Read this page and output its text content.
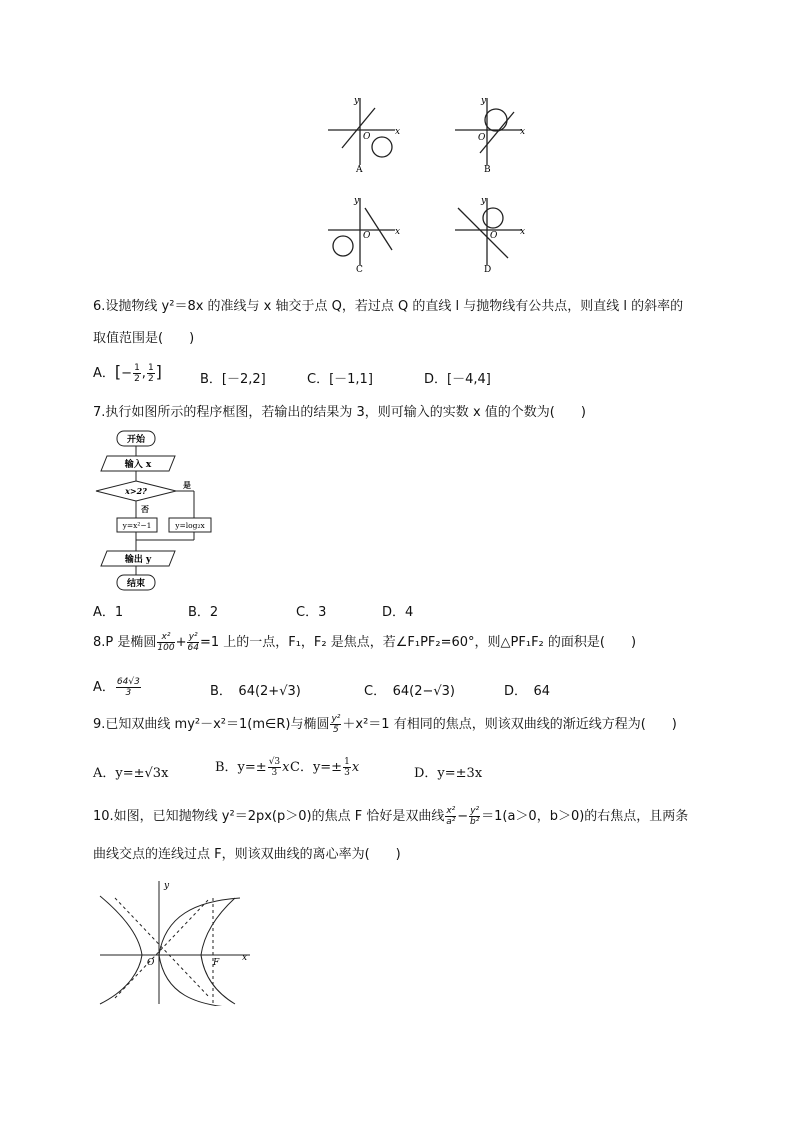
y
x
O
A
y
x
O
B
y
x
O
C
y
x
O
D
6.设抛物线 y²＝8x 的准线与 x 轴交于点 Q，若过点 Q 的直线 l 与抛物线有公共点，则直线 l 的斜率的
取值范围是(　　)
A．[− $\frac{1}{2}$ , $\frac{1}{2}$ ]	B．[－2,2]	C．[－1,1]	D．[－4,4]
7.执行如图所示的程序框图，若输出的结果为 3，则可输入的实数 x 值的个数为(　　)
开始
输入 x
x>2?
是
否
y=x²−1	y=log₂x
输出 y
结束
A．1	B．2	C．3	D．4
8.P 是椭圆 $\frac{\text{x²}}{100} + \frac{\text{y²}}{64} =1$ 上的一点，F₁，F₂ 是焦点，若∠F₁PF₂=60°，则△PF₁F₂ 的面积是(　　)
A． $\frac{64√3}{3}$	B．　64(2+√3)	C．　64(2−√3)	D．　64
9.已知双曲线 my²－x²＝1(m∈R)与椭圆 $\frac{\text{y²}}{5} +x^2=1$ 有相同的焦点，则该双曲线的渐近线方程为(　　)
A．y=±√3x	B．$y=\pm \frac{√3}{3}$ x C．$y=\pm \frac{1}{3}$ x	D．y=±3x
10.如图，已知抛物线 y²＝2px(p＞0)的焦点 F 恰好是双曲线 $\frac{\text{x²}}{\text{a²}} - \frac{\text{y²}}{\text{b²}} =1(a>0$，b＞0)的右焦点，且两条
曲线交点的连线过点 F，则该双曲线的离心率为(　　)
y
x
O	F
